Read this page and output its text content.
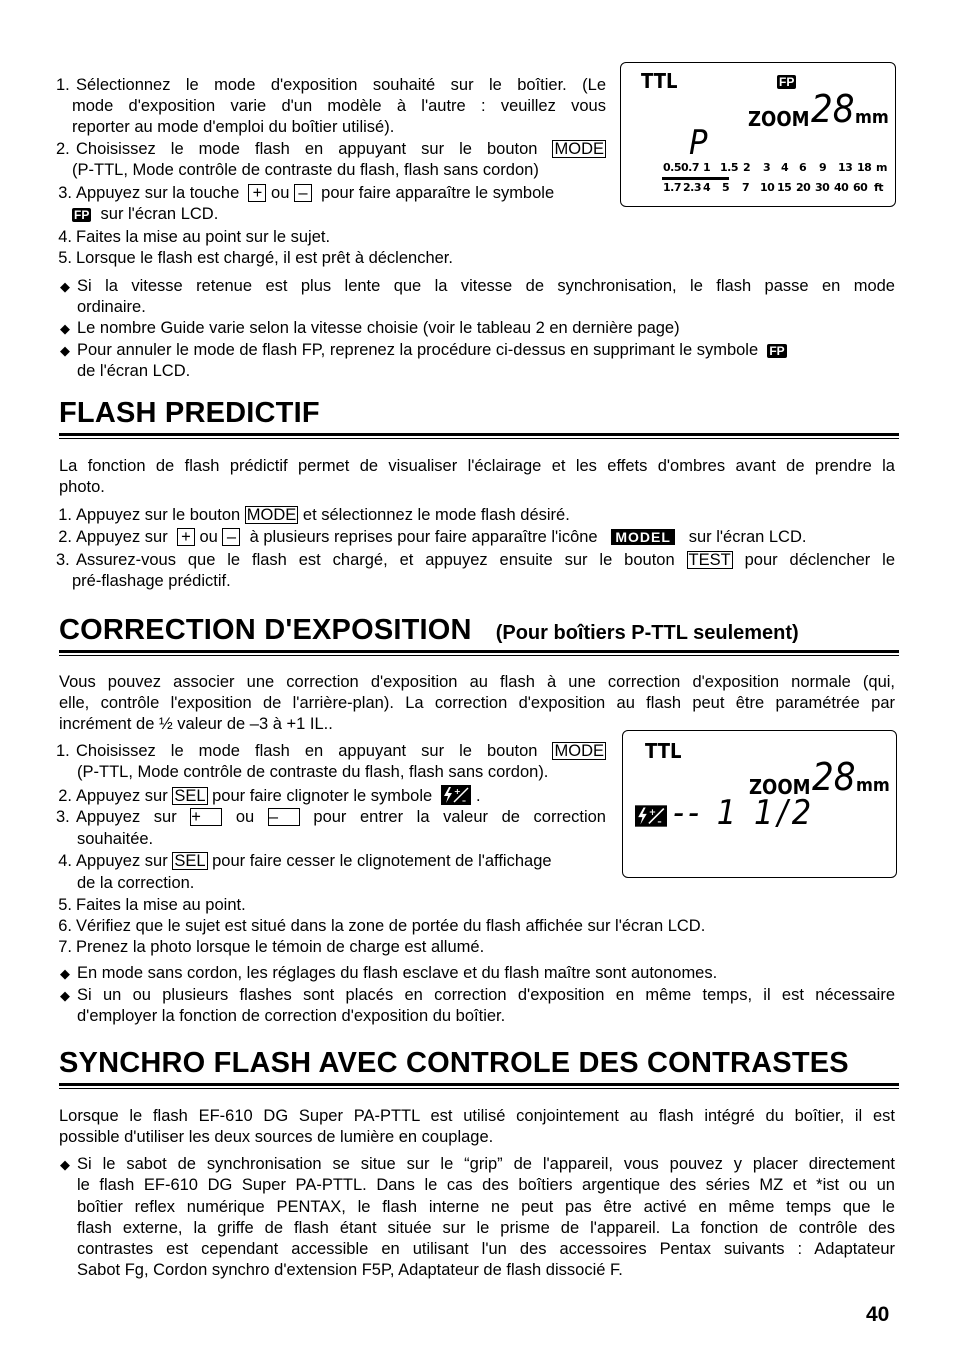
1. Sélectionnez le mode d'exposition souhaité sur le boîtier. (Le
mode d'exposition varie d'un modèle à l'autre : veuillez vous
reporter au mode d'emploi du boîtier utilisé).
2. Choisissez le mode flash en appuyant sur le bouton MODE
(P-TTL, Mode contrôle de contraste du flash, flash sans cordon)
3. Appuyez sur la touche + ou – pour faire apparaître le symbole
FP sur l'écran LCD.
4. Faites la mise au point sur le sujet.
5. Lorsque le flash est chargé, il est prêt à déclencher.
◆ Si la vitesse retenue est plus lente que la vitesse de synchronisation, le flash passe en mode
ordinaire.
◆ Le nombre Guide varie selon la vitesse choisie (voir le tableau 2 en dernière page)
◆ Pour annuler le mode de flash FP, reprenez la procédure ci-dessus en supprimant le symbole FP
de l'écran LCD.
TTL	FP
ZOOM 28 mm
P
0.5 0.7 1 1.5 2 3 4 6 9 13 18 m
1.7 2.3 4 5 7 10 15 20 30 40 60 ft
FLASH PREDICTIF
La fonction de flash prédictif permet de visualiser l'éclairage et les effets d'ombres avant de prendre la
photo.
1. Appuyez sur le bouton MODE et sélectionnez le mode flash désiré.
2. Appuyez sur + ou – à plusieurs reprises pour faire apparaître l'icône MODEL sur l'écran LCD.
3. Assurez-vous que le flash est chargé, et appuyez ensuite sur le bouton TEST pour déclencher le
pré-flashage prédictif.
CORRECTION D'EXPOSITION (Pour boîtiers P-TTL seulement)
Vous pouvez associer une correction d'exposition au flash à une correction d'exposition normale (qui,
elle, contrôle l'exposition de l'arrière-plan). La correction d'exposition au flash peut être paramétrée par
incrément de ½ valeur de –3 à +1 IL..
1. Choisissez le mode flash en appuyant sur le bouton MODE
(P-TTL, Mode contrôle de contraste du flash, flash sans cordon).
2. Appuyez sur SEL pour faire clignoter le symbole	+
– .
3. Appuyez sur + ou – pour entrer la valeur de correction
souhaitée.
4. Appuyez sur SEL pour faire cesser le clignotement de l'affichage
de la correction.
5. Faites la mise au point.
6. Vérifiez que le sujet est situé dans la zone de portée du flash affichée sur l'écran LCD.
7. Prenez la photo lorsque le témoin de charge est allumé.
◆ En mode sans cordon, les réglages du flash esclave et du flash maître sont autonomes.
◆ Si un ou plusieurs flashes sont placés en correction d'exposition en même temps, il est nécessaire
d'employer la fonction de correction d'exposition du boîtier.
TTL
ZOOM 28 mm
+
– -- 1 1/2
SYNCHRO FLASH AVEC CONTROLE DES CONTRASTES
Lorsque le flash EF-610 DG Super PA-PTTL est utilisé conjointement au flash intégré du boîtier, il est
possible d'utiliser les deux sources de lumière en couplage.
◆ Si le sabot de synchronisation se situe sur le “grip” de l'appareil, vous pouvez y placer directement
le flash EF-610 DG Super PA-PTTL. Dans le cas des boîtiers argentique des séries MZ et *ist ou un
boîtier reflex numérique PENTAX, le flash interne ne peut pas être activé en même temps que le
flash externe, la griffe de flash étant située sur le prisme de l'appareil. La fonction de contrôle des
contrastes est cependant accessible en utilisant l'un des accessoires Pentax suivants : Adaptateur
Sabot Fg, Cordon synchro d'extension F5P, Adaptateur de flash dissocié F.
40
